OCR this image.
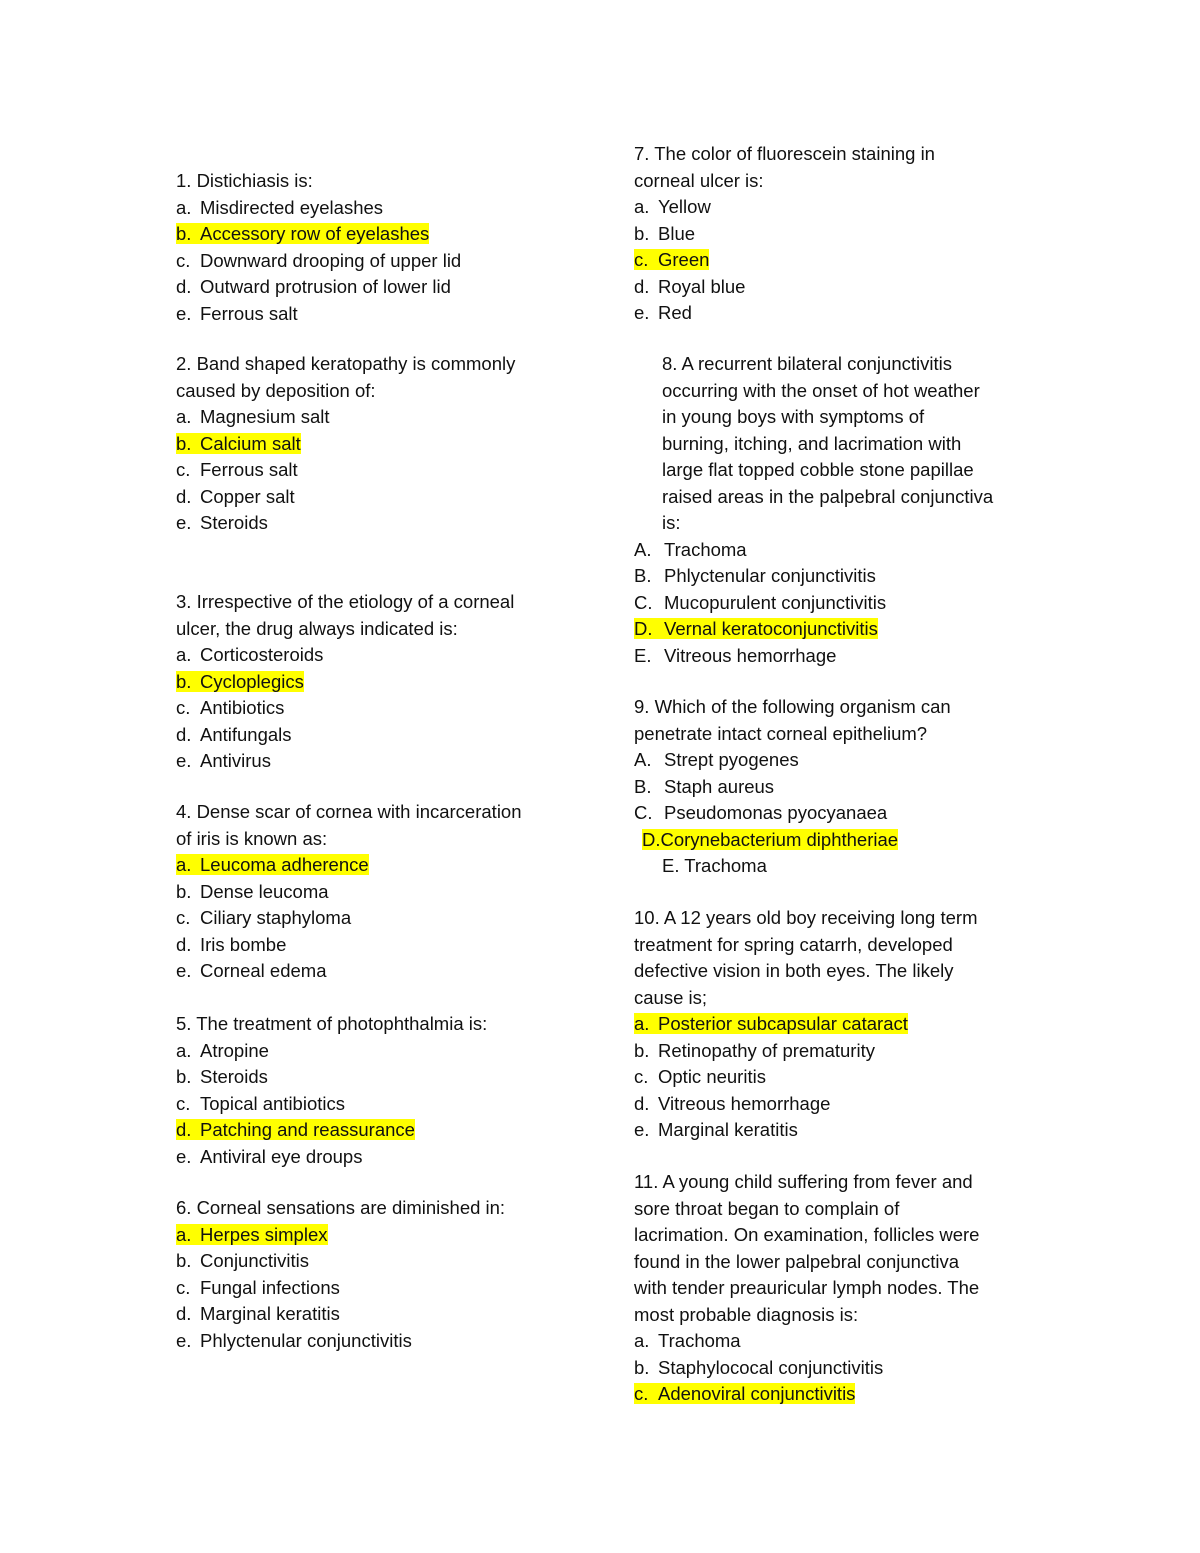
1. Distichiasis is:
a. Misdirected eyelashes
b. Accessory row of eyelashes
c. Downward drooping of upper lid
d. Outward protrusion of lower lid
e. Ferrous salt
2. Band shaped keratopathy is commonly
caused by deposition of:
a. Magnesium salt
b. Calcium salt
c. Ferrous salt
d. Copper salt
e. Steroids
3. Irrespective of the etiology of a corneal
ulcer, the drug always indicated is:
a. Corticosteroids
b. Cycloplegics
c. Antibiotics
d. Antifungals
e. Antivirus
4. Dense scar of cornea with incarceration
of iris is known as:
a. Leucoma adherence
b. Dense leucoma
c. Ciliary staphyloma
d. Iris bombe
e. Corneal edema
5. The treatment of photophthalmia is:
a. Atropine
b. Steroids
c. Topical antibiotics
d. Patching and reassurance
e. Antiviral eye droups
6. Corneal sensations are diminished in:
a. Herpes simplex
b. Conjunctivitis
c. Fungal infections
d. Marginal keratitis
e. Phlyctenular conjunctivitis
7. The color of fluorescein staining in
corneal ulcer is:
a. Yellow
b. Blue
c. Green
d. Royal blue
e. Red
8. A recurrent bilateral conjunctivitis
occurring with the onset of hot weather
in young boys with symptoms of
burning, itching, and lacrimation with
large flat topped cobble stone papillae
raised areas in the palpebral conjunctiva
is:
A. Trachoma
B. Phlyctenular conjunctivitis
C. Mucopurulent conjunctivitis
D. Vernal keratoconjunctivitis
E. Vitreous hemorrhage
9. Which of the following organism can
penetrate intact corneal epithelium?
A. Strept pyogenes
B. Staph aureus
C. Pseudomonas pyocyanaea
D.Corynebacterium diphtheriae
E. Trachoma
10. A 12 years old boy receiving long term
treatment for spring catarrh, developed
defective vision in both eyes. The likely
cause is;
a. Posterior subcapsular cataract
b. Retinopathy of prematurity
c. Optic neuritis
d. Vitreous hemorrhage
e. Marginal keratitis
11. A young child suffering from fever and
sore throat began to complain of
lacrimation. On examination, follicles were
found in the lower palpebral conjunctiva
with tender preauricular lymph nodes. The
most probable diagnosis is:
a. Trachoma
b. Staphylococal conjunctivitis
c. Adenoviral conjunctivitis
